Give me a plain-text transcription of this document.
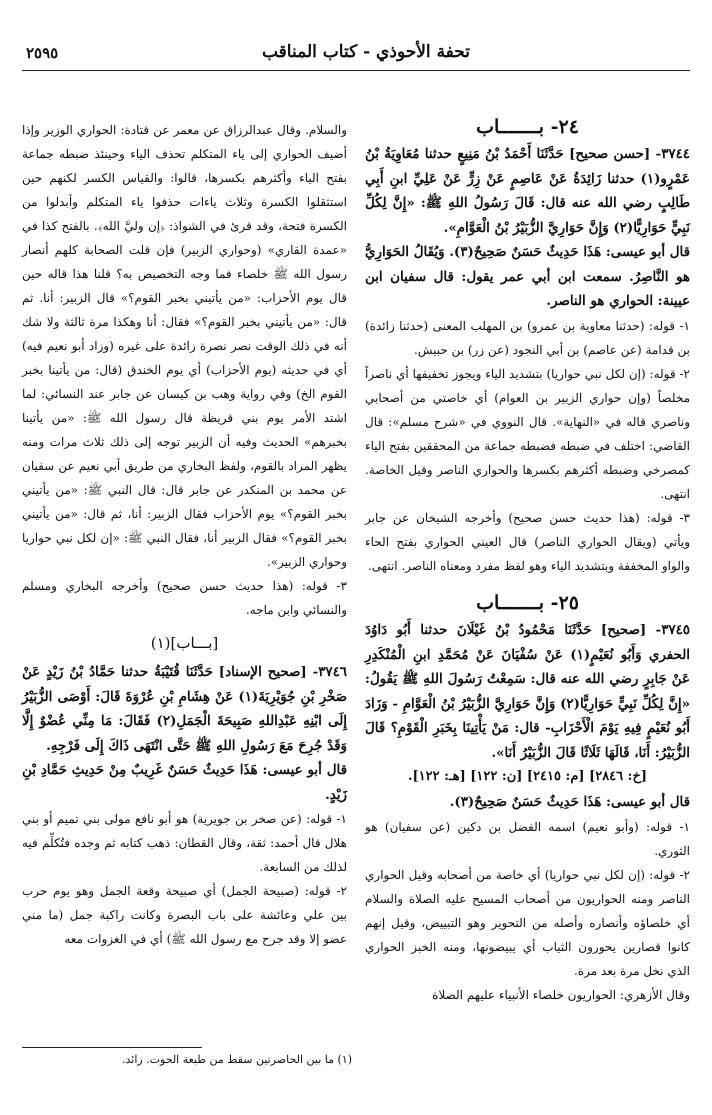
تحفة الأحوذي - كتاب المناقب
٢٥٩٥

٢٤- بـــــــاب

٣٧٤٤- [حسن صحيح] حَدَّثَنَا أَحْمَدُ بْنُ مَنِيعٍ حدثنا مُعَاوِيَةُ بْنُ عَمْرٍو(١) حدثنا زَائِدَةُ عَنْ عَاصِمٍ عَنْ زِرٍّ عَنْ عَلِيِّ ابنِ أَبِي طَالِبٍ رضي الله عنه قال: قَالَ رَسُولُ اللهِ ﷺ: «إِنَّ لِكُلِّ نَبِيٍّ حَوَارِيًّا(٢) وَإِنَّ حَوَارِيَّ الزُّبَيْرُ بْنُ الْعَوَّامِ».

قال أبو عيسى: هَذَا حَدِيثٌ حَسَنٌ صَحِيحٌ(٣). وَيُقَالُ الحَوَارِيُّ هو النَّاصِرُ. سمعت ابن أبي عمر يقول: قال سفيان ابن عيينة: الحواري هو الناصر.

١- قوله: (حدثنا معاوية بن عمرو) بن المهلب المعنى (حدثنا زائدة) بن قدامة (عن عاصم) بن أبي النجود (عن زر) بن حبيش.

٢- قوله: (إن لكل نبي حواريا) بتشديد الياء ويجوز تخفيفها أي ناصراً مخلصاً (وإن حواري الزبير بن العوام) أي خاصتي من أصحابي وناصري قاله في «النهاية». قال النووي في «شرح مسلم»: قال القاضي: اختلف في ضبطه فضبطه جماعة من المحققين بفتح الياء كمصرخي وضبطه أكثرهم بكسرها والحواري الناصر وقيل الخاصة. انتهى.

٣- قوله: (هذا حديث حسن صحيح) وأخرجه الشيخان عن جابر ويأتي (ويقال الحواري الناصر) قال العيني الحواري بفتح الحاء والواو المخففة وبتشديد الياء وهو لفظ مفرد ومعناه الناصر. انتهى.

٢٥- بـــــــاب

٣٧٤٥- [صحيح] حَدَّثَنَا مَحْمُودُ بْنُ غَيْلَانَ حدثنا أَبُو دَاوُدَ الحفري وَأَبُو نُعَيْمٍ(١) عَنْ سُفْيَانَ عَنْ مُحَمَّدِ ابنِ الْمُنْكَدِرِ عَنْ جَابِرٍ رضي الله عنه قال: سَمِعْتُ رَسُولَ اللهِ ﷺ يَقُولُ: «إِنَّ لِكُلِّ نَبِيٍّ حَوَارِيًّا(٢) وَإِنَّ حَوَارِيَّ الزُّبَيْرُ بْنُ الْعَوَّامِ - وَزَادَ أَبُو نُعَيْمٍ فِيهِ يَوْمَ الْأَحْزَابِ- قال: مَنْ يَأْتِينَا بِخَبَرِ الْقَوْمِ؟ قَالَ الزُّبَيْرُ: أَنَا، قَالَهَا ثَلَاثًا قَالَ الزُّبَيْرُ أَنَا».

[خ: ٢٨٤٦] [م: ٢٤١٥] [ن: ١٢٢] [هـ: ١٢٢].

قال أبو عيسى: هَذَا حَدِيثٌ حَسَنٌ صَحِيحٌ(٣).

١- قوله: (وأبو نعيم) اسمه الفضل بن دكين (عن سفيان) هو الثوري.

٢- قوله: (إن لكل نبي حواريا) أي خاصة من أصحابه وقيل الحواري الناصر ومنه الحواريون من أصحاب المسيح عليه الصلاة والسلام أي خلصاؤه وأنصاره وأصله من التحوير وهو التبييض، وقيل إنهم كانوا قصارين يحورون الثياب أي يبيضونها، ومنه الخبز الحواري الذي نخل مرة بعد مرة.

وقال الأزهري: الحواريون خلصاء الأنبياء عليهم الصلاة

والسلام. وقال عبدالرزاق عن معمر عن قتادة: الحواري الوزير وإذا أضيف الحواري إلى ياء المتكلم تحذف الياء وحينئذ ضبطه جماعة بفتح الياء وأكثرهم بكسرها، قالوا: والقياس الكسر لكنهم حين استثقلوا الكسرة وثلاث ياءات حذفوا ياء المتكلم وأبدلوا من الكسرة فتحة، وقد قرئ في الشواذ: ﴿إن وليَّ الله﴾. بالفتح كذا في «عمدة القاري» (وحواري الزبير) فإن قلت الصحابة كلهم أنصار رسول الله ﷺ خلصاء فما وجه التخصيص به؟ قلنا هذا قاله حين قال يوم الأحزاب: «من يأتيني بخبر القوم؟» قال الزبير: أنا. ثم قال: «من يأتيني بخبر القوم؟» فقال: أنا وهكذا مرة ثالثة ولا شك أنه في ذلك الوقت نصر نصرة زائدة على غيره (وزاد أبو نعيم فيه) أي في حديثه (يوم الأحزاب) أي يوم الخندق (قال: من يأتينا بخبر القوم الخ) وفي رواية وهب بن كيسان عن جابر عند النسائي: لما اشتد الأمر يوم بني قريظة قال رسول الله ﷺ: «من يأتينا بخبرهم» الحديث وفيه أن الزبير توجه إلى ذلك ثلاث مرات ومنه يظهر المراد بالقوم، ولفظ البخاري من طريق أبي نعيم عن سفيان عن محمد بن المنكدر عن جابر قال: قال النبي ﷺ: «من يأتيني بخبر القوم؟» يوم الأحزاب فقال الزبير: أنا، ثم قال: «من يأتيني بخبر القوم؟» فقال الزبير أنا، فقال النبي ﷺ: «إن لكل نبي حواريا وحواري الزبير».

٣- قوله: (هذا حديث حسن صحيح) وأخرجه البخاري ومسلم والنسائي وابن ماجه.

[بـــاب](١)

٣٧٤٦- [صحيح الإسناد] حَدَّثَنَا قُتَيْبَةُ حدثنا حَمَّادُ بْنُ زَيْدٍ عَنْ صَخْرِ بْنِ جُوَيْرِيَةَ(١) عَنْ هِشَامِ بْنِ عُرْوَةَ قَالَ: أَوْصَى الزُّبَيْرُ إِلَى ابْنِهِ عَبْدِاللهِ صَبِيحَةَ الْجَمَلِ(٢) فَقَالَ: مَا مِنِّي عُضْوٌ إِلَّا وَقَدْ جُرِحَ مَعَ رَسُولِ اللهِ ﷺ حَتَّى انْتَهَى ذَاكَ إِلَى فَرْجِهِ.

قال أبو عيسى: هَذَا حَدِيثٌ حَسَنٌ غَرِيبٌ مِنْ حَدِيثِ حَمَّادِ بْنِ زَيْدٍ.

١- قوله: (عن صخر بن جويرية) هو أبو نافع مولى بني تميم أو بني هلال قال أحمد: ثقة، وقال القطان: ذهب كتابه ثم وجده فتُكلِّم فيه لذلك من السابعة.

٢- قوله: (صبيحة الجمل) أي صبيحة وقعة الجمل وهو يوم حرب بين علي وعائشة على باب البصرة وكانت راكبة جمل (ما مني عضو إلا وقد جرح مع رسول الله ﷺ) أي في الغزوات معه

(١) ما بين الحاصرتين سقط من طبعة الحوت. زائد.
